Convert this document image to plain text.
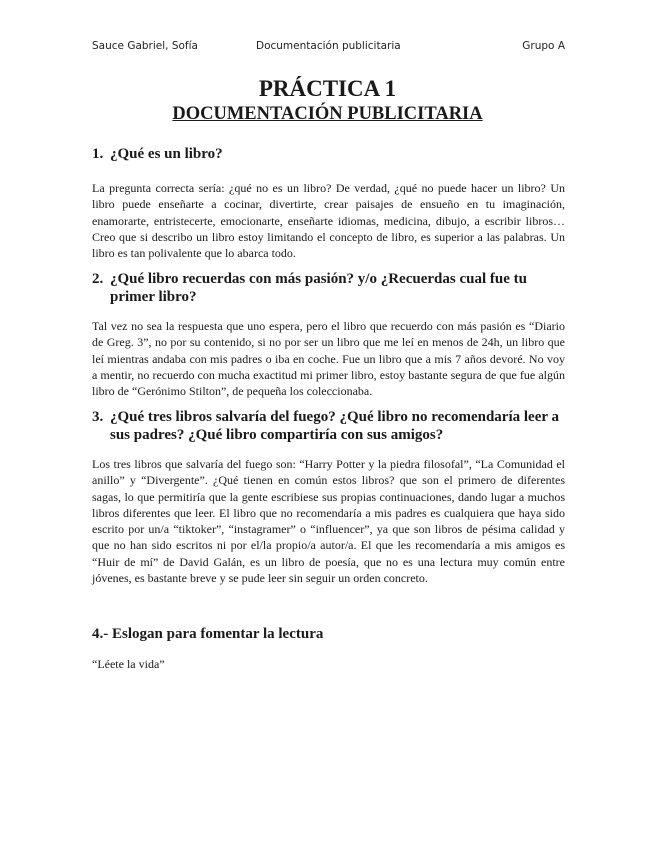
Sauce Gabriel, Sofía	Documentación publicitaria	Grupo A
PRÁCTICA 1
DOCUMENTACIÓN PUBLICITARIA
1. ¿Qué es un libro?

La pregunta correcta sería: ¿qué no es un libro? De verdad, ¿qué no puede hacer un libro? Un libro puede enseñarte a cocinar, divertirte, crear paisajes de ensueño en tu imaginación, enamorarte, entristecerte, emocionarte, enseñarte idiomas, medicina, dibujo, a escribir libros… Creo que si describo un libro estoy limitando el concepto de libro, es superior a las palabras. Un libro es tan polivalente que lo abarca todo.

2. ¿Qué libro recuerdas con más pasión? y/o ¿Recuerdas cual fue tu primer libro?

Tal vez no sea la respuesta que uno espera, pero el libro que recuerdo con más pasión es “Diario de Greg. 3”, no por su contenido, si no por ser un libro que me leí en menos de 24h, un libro que leí mientras andaba con mis padres o iba en coche. Fue un libro que a mis 7 años devoré. No voy a mentir, no recuerdo con mucha exactitud mi primer libro, estoy bastante segura de que fue algún libro de “Gerónimo Stilton”, de pequeña los coleccionaba.

3. ¿Qué tres libros salvaría del fuego? ¿Qué libro no recomendaría leer a sus padres? ¿Qué libro compartiría con sus amigos?

Los tres libros que salvaría del fuego son: “Harry Potter y la piedra filosofal”, “La Comunidad el anillo” y “Divergente”. ¿Qué tienen en común estos libros? que son el primero de diferentes sagas, lo que permitiría que la gente escribiese sus propias continuaciones, dando lugar a muchos libros diferentes que leer. El libro que no recomendaría a mis padres es cualquiera que haya sido escrito por un/a “tiktoker”, “instagramer” o “influencer”, ya que son libros de pésima calidad y que no han sido escritos ni por el/la propio/a autor/a. El que les recomendaría a mis amigos es “Huir de mí” de David Galán, es un libro de poesía, que no es una lectura muy común entre jóvenes, es bastante breve y se pude leer sin seguir un orden concreto.

4.- Eslogan para fomentar la lectura

“Léete la vida”
